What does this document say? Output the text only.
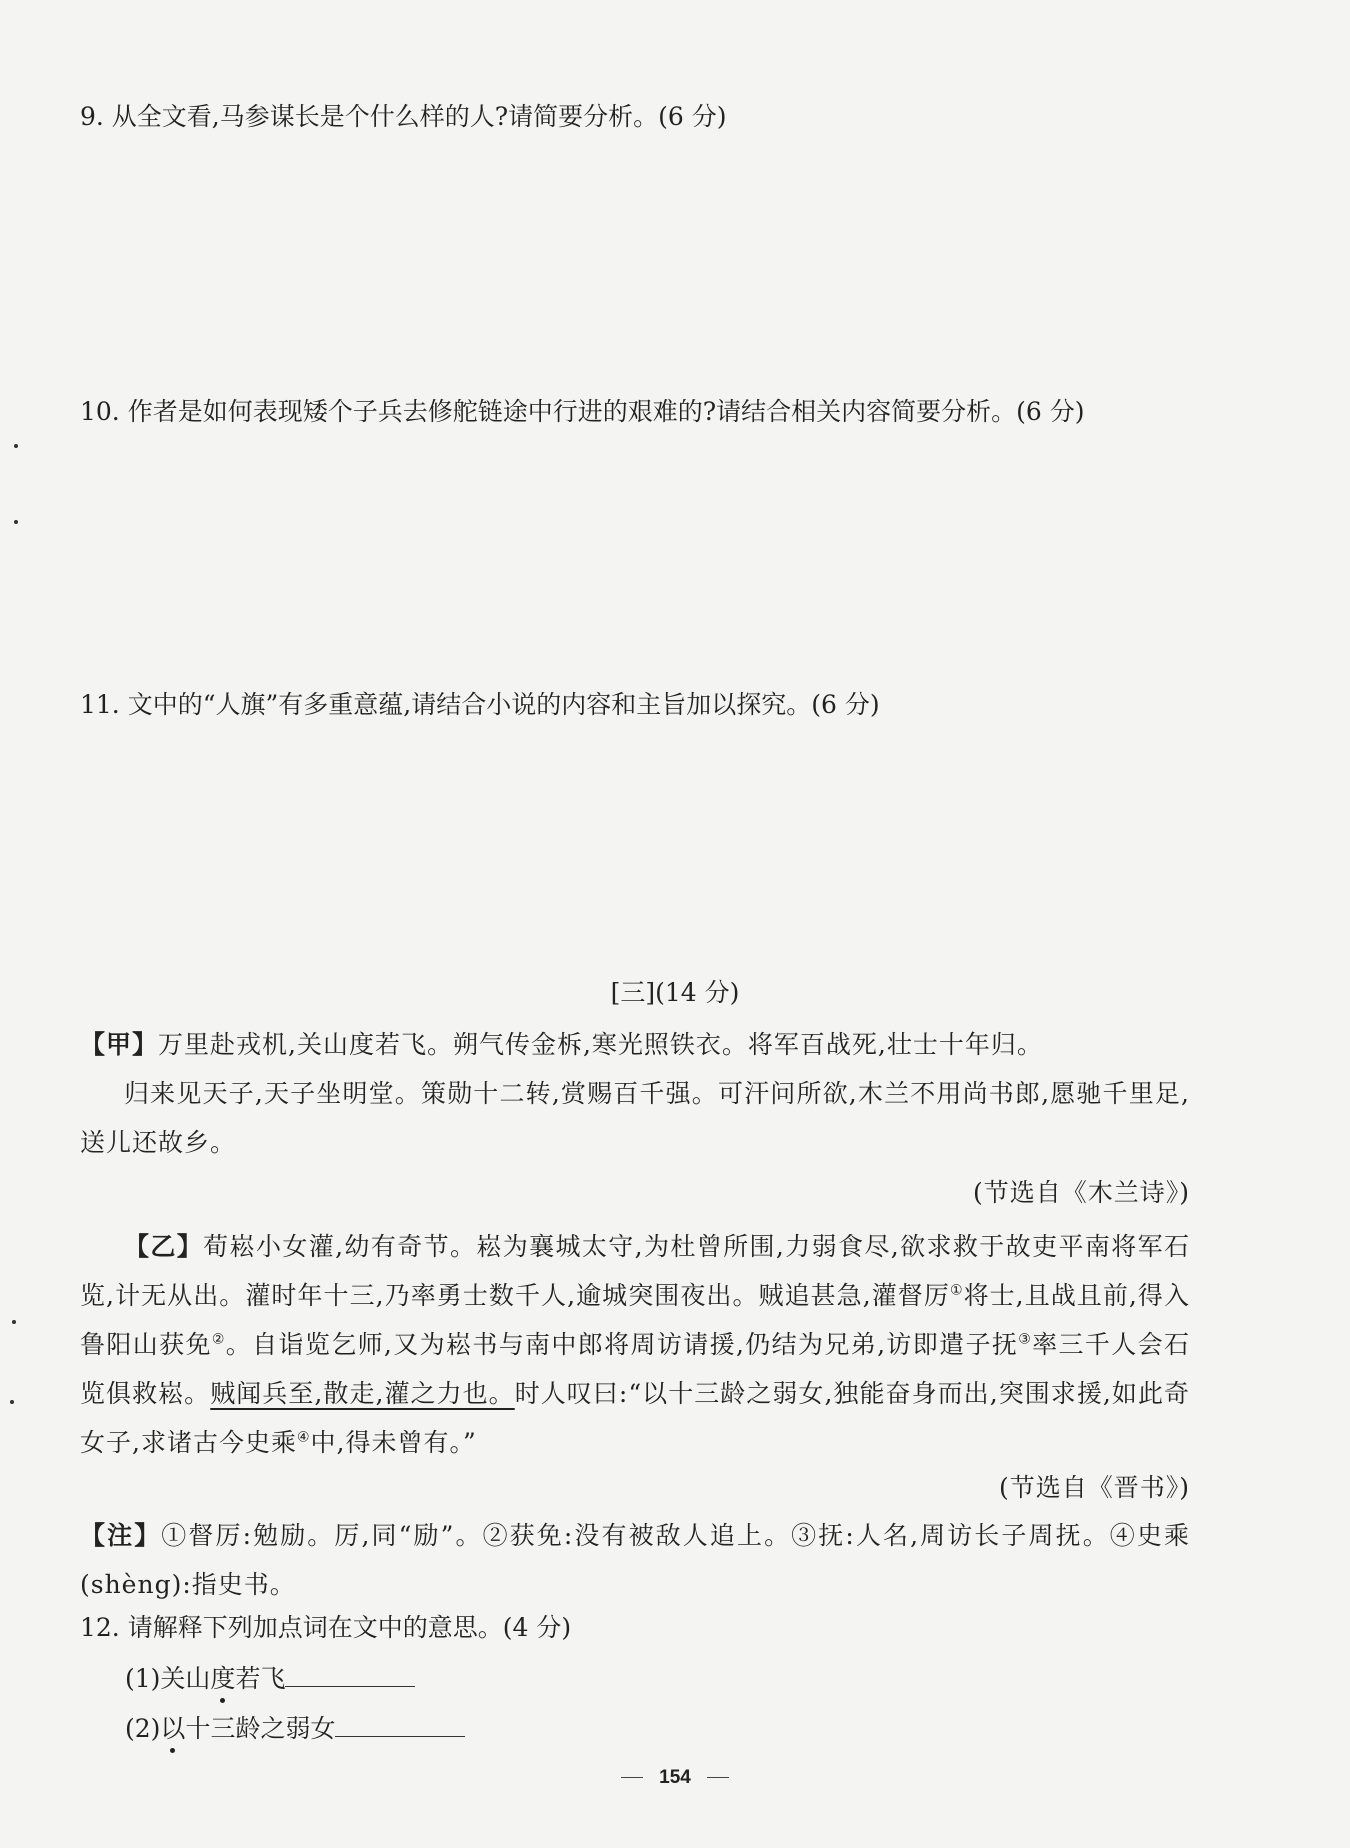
9. 从全文看,马参谋长是个什么样的人?请简要分析。(6 分)
10. 作者是如何表现矮个子兵去修舵链途中行进的艰难的?请结合相关内容简要分析。(6 分)
11. 文中的“人旗”有多重意蕴,请结合小说的内容和主旨加以探究。(6 分)
[三](14 分)
【甲】万里赴戎机,关山度若飞。朔气传金柝,寒光照铁衣。将军百战死,壮士十年归。
归来见天子,天子坐明堂。策勋十二转,赏赐百千强。可汗问所欲,木兰不用尚书郎,愿驰千里足,送儿还故乡。
(节选自《木兰诗》)
【乙】荀崧小女灌,幼有奇节。崧为襄城太守,为杜曾所围,力弱食尽,欲求救于故吏平南将军石览,计无从出。灌时年十三,乃率勇士数千人,逾城突围夜出。贼追甚急,灌督厉①将士,且战且前,得入鲁阳山获免②。自诣览乞师,又为崧书与南中郎将周访请援,仍结为兄弟,访即遣子抚③率三千人会石览俱救崧。贼闻兵至,散走,灌之力也。时人叹曰:“以十三龄之弱女,独能奋身而出,突围求援,如此奇女子,求诸古今史乘④中,得未曾有。”
(节选自《晋书》)
【注】①督厉:勉励。厉,同“励”。②获免:没有被敌人追上。③抚:人名,周访长子周抚。④史乘(shèng):指史书。
12. 请解释下列加点词在文中的意思。(4 分)
(1)关山度若飞
(2)以十三龄之弱女
154
